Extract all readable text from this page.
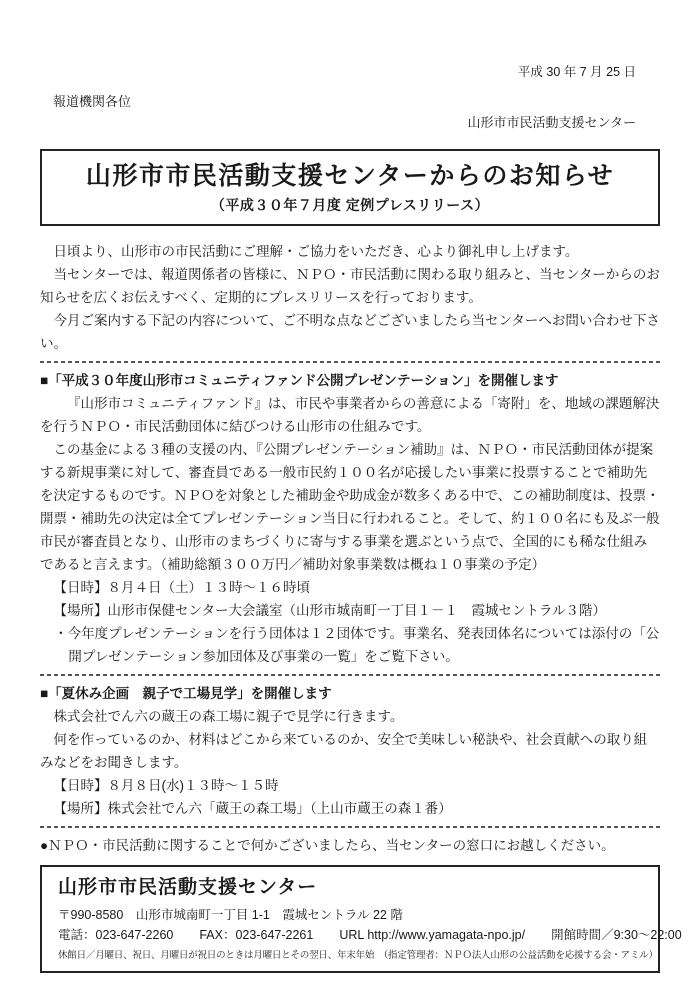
平成 30 年 7 月 25 日
報道機関各位
山形市市民活動支援センター
山形市市民活動支援センターからのお知らせ
（平成３０年７月度 定例プレスリリース）

日頃より、山形市の市民活動にご理解・ご協力をいただき、心より御礼申し上げます。

当センターでは、報道関係者の皆様に、ＮＰＯ・市民活動に関わる取り組みと、当センターからのお知らせを広くお伝えすべく、定期的にプレスリリースを行っております。

今月ご案内する下記の内容について、ご不明な点などございましたら当センターへお問い合わせ下さい。

■「平成３０年度山形市コミュニティファンド公開プレゼンテーション」を開催します

『山形市コミュニティファンド』は、市民や事業者からの善意による「寄附」を、地域の課題解決を行うＮＰＯ・市民活動団体に結びつける山形市の仕組みです。

この基金による３種の支援の内、『公開プレゼンテーション補助』は、ＮＰＯ・市民活動団体が提案する新規事業に対して、審査員である一般市民約１００名が応援したい事業に投票することで補助先を決定するものです。ＮＰＯを対象とした補助金や助成金が数多くある中で、この補助制度は、投票・開票・補助先の決定は全てプレゼンテーション当日に行われること。そして、約１００名にも及ぶ一般市民が審査員となり、山形市のまちづくりに寄与する事業を選ぶという点で、全国的にも稀な仕組みであると言えます。（補助総額３００万円／補助対象事業数は概ね１０事業の予定）

【日時】８月４日（土）１３時～１６時頃

【場所】山形市保健センター大会議室（山形市城南町一丁目１－１　霞城セントラル３階）

・今年度プレゼンテーションを行う団体は１２団体です。事業名、発表団体名については添付の「公開プレゼンテーション参加団体及び事業の一覧」をご覧下さい。

■「夏休み企画　親子で工場見学」を開催します

株式会社でん六の蔵王の森工場に親子で見学に行きます。

何を作っているのか、材料はどこから来ているのか、安全で美味しい秘訣や、社会貢献への取り組みなどをお聞きします。

【日時】８月８日(水)１３時～１５時

【場所】株式会社でん六「蔵王の森工場」（上山市蔵王の森１番）

●ＮＰＯ・市民活動に関することで何かございましたら、当センターの窓口にお越しください。

山形市市民活動支援センター
〒990-8580　山形市城南町一丁目 1-1　霞城セントラル 22 階
電話：023-647-2260 FAX：023-647-2261 URL http://www.yamagata-npo.jp/ 開館時間／9:30～22:00
休館日／月曜日、祝日、月曜日が祝日のときは月曜日とその翌日、年末年始　（指定管理者：ＮＰＯ法人山形の公益活動を応援する会・アミル）
